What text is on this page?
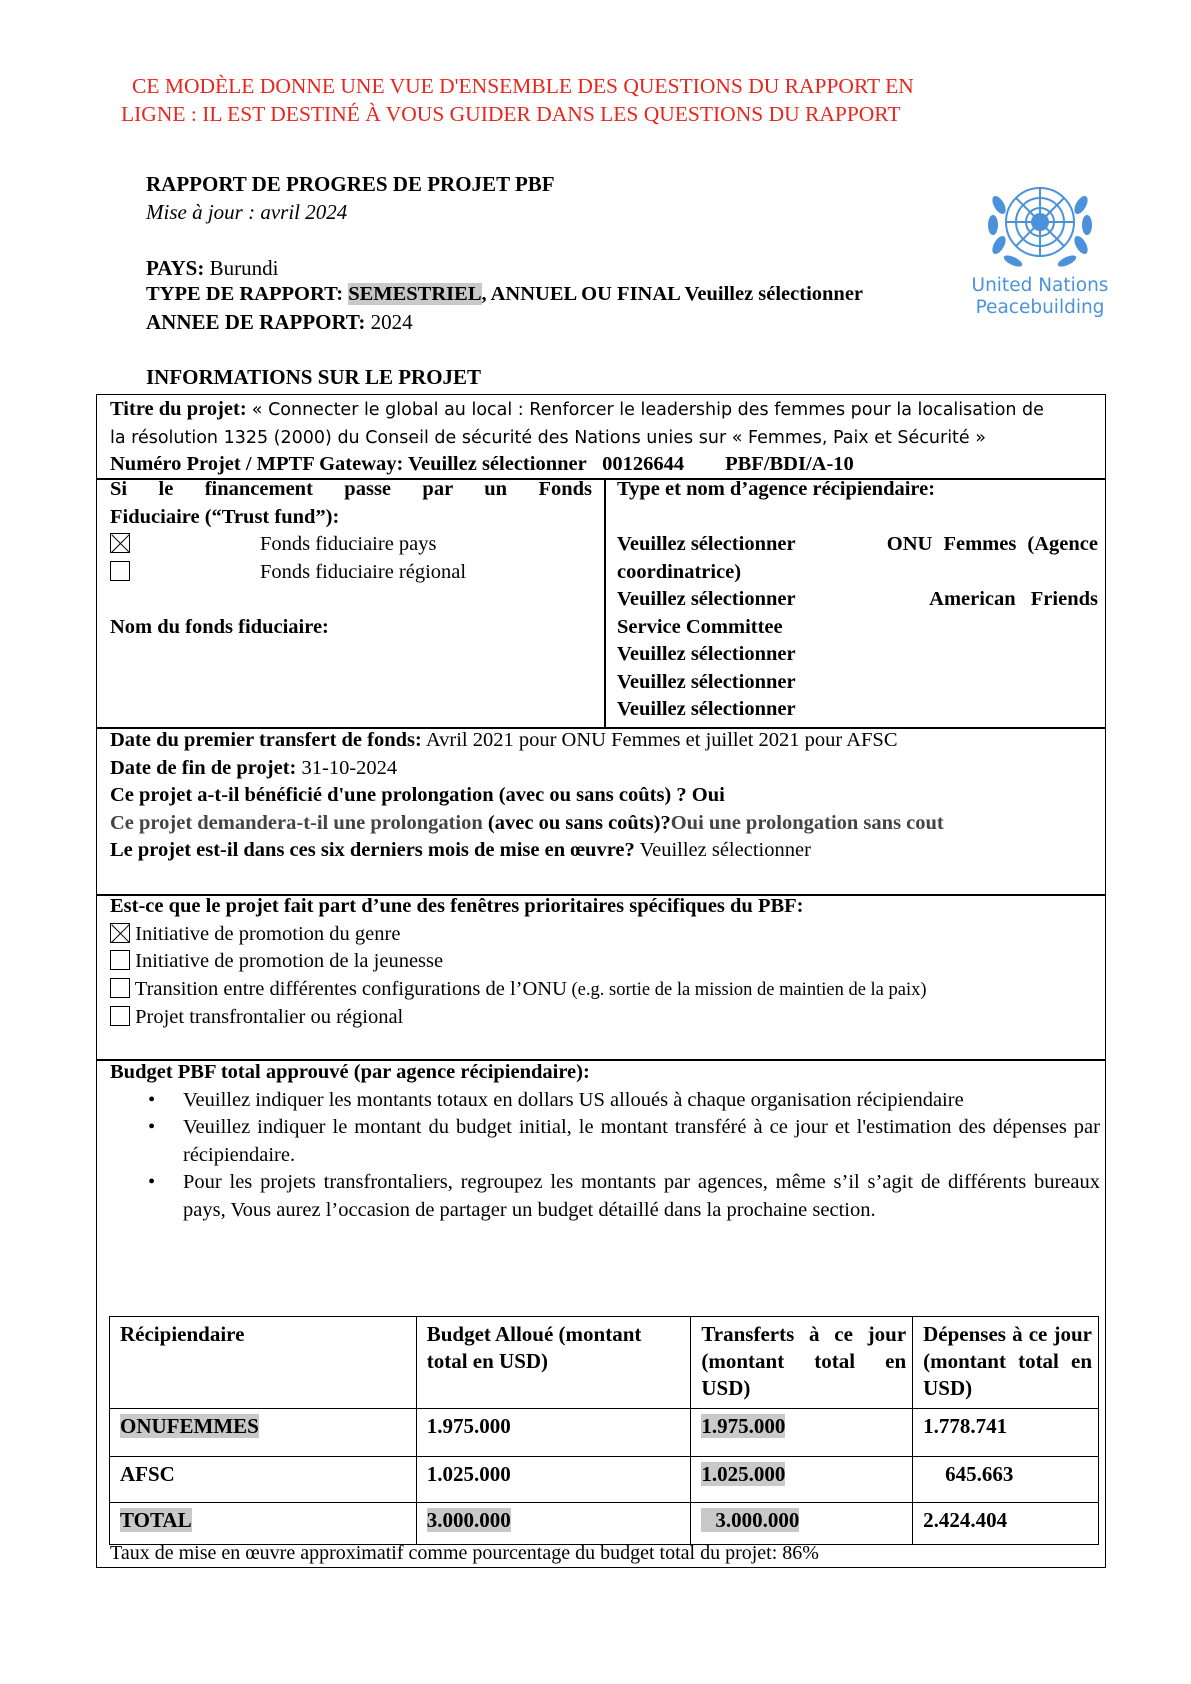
CE MODÈLE DONNE UNE VUE D'ENSEMBLE DES QUESTIONS DU RAPPORT EN
LIGNE : IL EST DESTINÉ À VOUS GUIDER DANS LES QUESTIONS DU RAPPORT
RAPPORT DE PROGRES DE PROJET PBF
Mise à jour : avril 2024
PAYS: Burundi
TYPE DE RAPPORT: SEMESTRIEL, ANNUEL OU FINAL Veuillez sélectionner
ANNEE DE RAPPORT: 2024
INFORMATIONS SUR LE PROJET
United Nations
Peacebuilding
Titre du projet: « Connecter le global au local : Renforcer le leadership des femmes pour la localisation de
la résolution 1325 (2000) du Conseil de sécurité des Nations unies sur « Femmes, Paix et Sécurité »
Numéro Projet / MPTF Gateway: Veuillez sélectionner 00126644 PBF/BDI/A-10
Si le financement passe par un Fonds
Fiduciaire (“Trust fund”):
Fonds fiduciaire pays
Fonds fiduciaire régional
Nom du fonds fiduciaire:
Type et nom d’agence récipiendaire:
Veuillez sélectionner	ONU Femmes (Agence
coordinatrice)
Veuillez sélectionner	American Friends
Service Committee
Veuillez sélectionner
Veuillez sélectionner
Veuillez sélectionner
Date du premier transfert de fonds: Avril 2021 pour ONU Femmes et juillet 2021 pour AFSC
Date de fin de projet: 31-10-2024
Ce projet a-t-il bénéficié d'une prolongation (avec ou sans coûts) ? Oui
Ce projet demandera-t-il une prolongation (avec ou sans coûts)?Oui une prolongation sans cout
Le projet est-il dans ces six derniers mois de mise en œuvre? Veuillez sélectionner
Est-ce que le projet fait part d’une des fenêtres prioritaires spécifiques du PBF:
Initiative de promotion du genre
Initiative de promotion de la jeunesse
Transition entre différentes configurations de l’ONU (e.g. sortie de la mission de maintien de la paix)
Projet transfrontalier ou régional
Budget PBF total approuvé (par agence récipiendaire):
• Veuillez indiquer les montants totaux en dollars US alloués à chaque organisation récipiendaire
• Veuillez indiquer le montant du budget initial, le montant transféré à ce jour et l'estimation des dépenses par récipiendaire.
• Pour les projets transfrontaliers, regroupez les montants par agences, même s’il s’agit de différents bureaux pays, Vous aurez l’occasion de partager un budget détaillé dans la prochaine section.
Récipiendaire	Budget Alloué (montant total en USD)	Transferts à ce jour (montant total en USD)	Dépenses à ce jour (montant total en USD)
ONUFEMMES	1.975.000	1.975.000	1.778.741
AFSC	1.025.000	1.025.000	645.663
TOTAL	3.000.000	3.000.000	2.424.404
Taux de mise en œuvre approximatif comme pourcentage du budget total du projet: 86%
